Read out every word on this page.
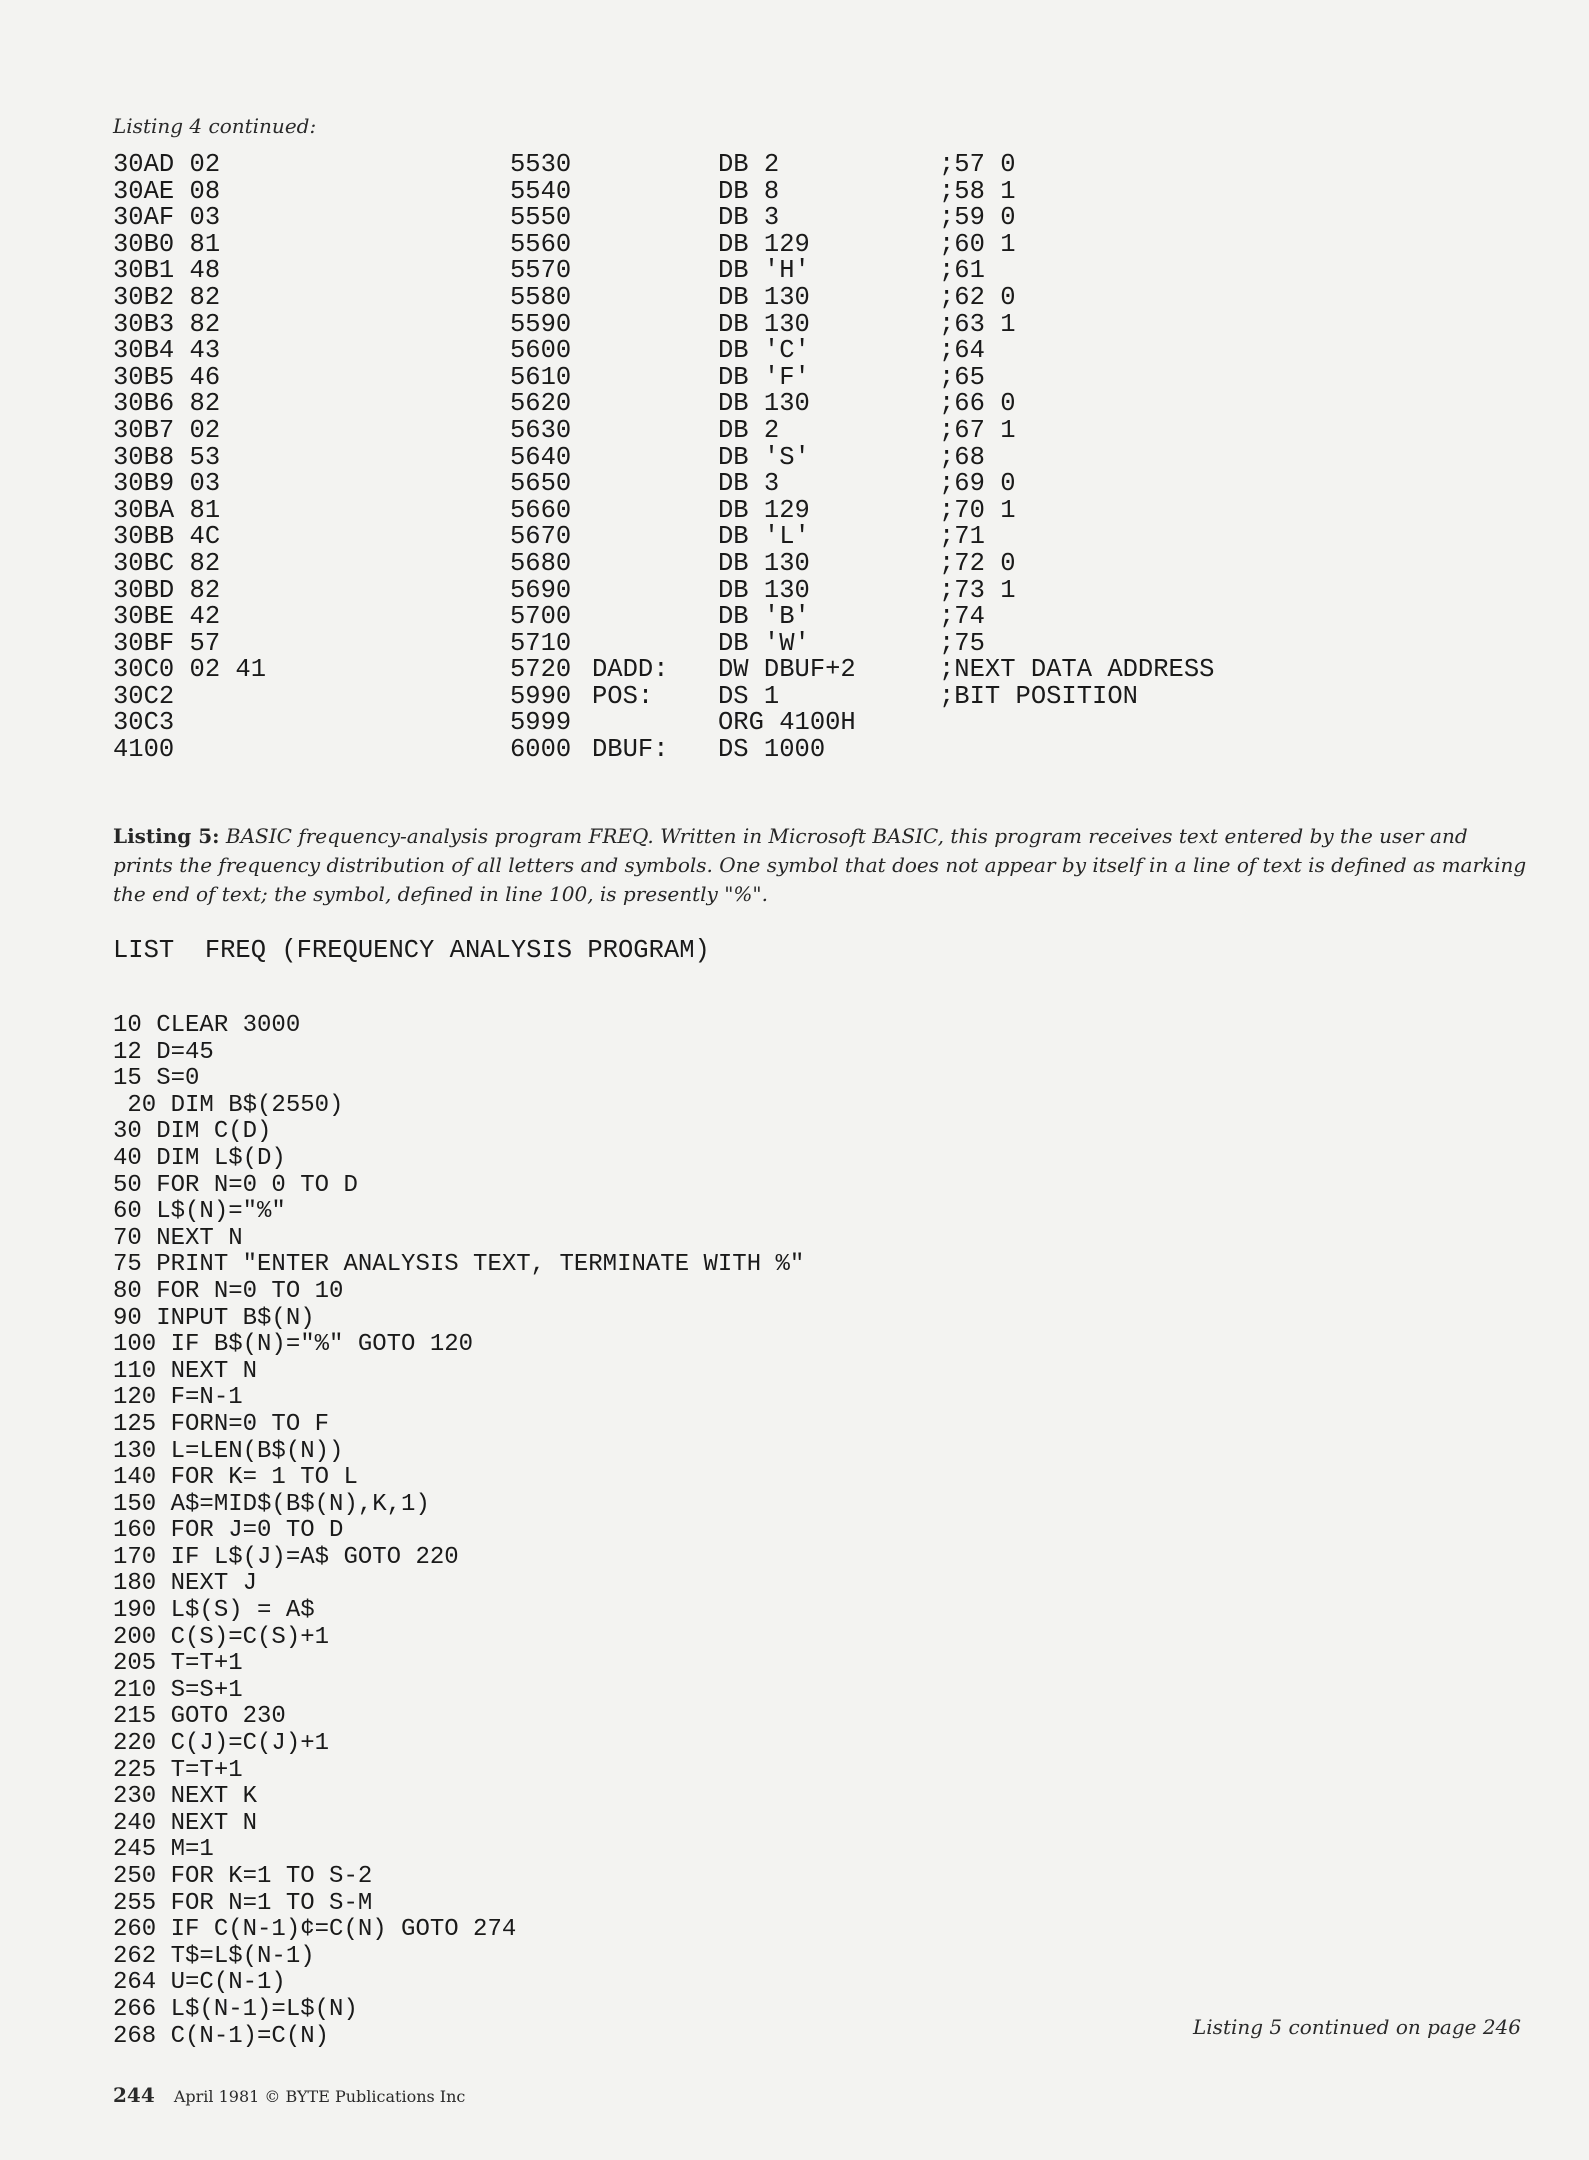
Listing 4 continued:
30AD 02	5530	DB 2	;57 0
30AE 08	5540	DB 8	;58 1
30AF 03	5550	DB 3	;59 0
30B0 81	5560	DB 129	;60 1
30B1 48	5570	DB 'H'	;61
30B2 82	5580	DB 130	;62 0
30B3 82	5590	DB 130	;63 1
30B4 43	5600	DB 'C'	;64
30B5 46	5610	DB 'F'	;65
30B6 82	5620	DB 130	;66 0
30B7 02	5630	DB 2	;67 1
30B8 53	5640	DB 'S'	;68
30B9 03	5650	DB 3	;69 0
30BA 81	5660	DB 129	;70 1
30BB 4C	5670	DB 'L'	;71
30BC 82	5680	DB 130	;72 0
30BD 82	5690	DB 130	;73 1
30BE 42	5700	DB 'B'	;74
30BF 57	5710	DB 'W'	;75
30C0 02 41	5720 DADD: DW DBUF+2	;NEXT DATA ADDRESS
30C2	5990 POS:	DS 1	;BIT POSITION
30C3	5999	ORG 4100H
4100	6000 DBUF: DS 1000
Listing 5: BASIC frequency-analysis program FREQ. Written in Microsoft BASIC, this program receives text entered by the user and prints the frequency distribution of all letters and symbols. One symbol that does not appear by itself in a line of text is defined as marking the end of text; the symbol, defined in line 100, is presently "%".
LIST  FREQ (FREQUENCY ANALYSIS PROGRAM)
10 CLEAR 3000
12 D=45
15 S=0
20 DIM B$(2550)
30 DIM C(D)
40 DIM L$(D)
50 FOR N=0 0 TO D
60 L$(N)="%"
70 NEXT N
75 PRINT "ENTER ANALYSIS TEXT, TERMINATE WITH %"
80 FOR N=0 TO 10
90 INPUT B$(N)
100 IF B$(N)="%" GOTO 120
110 NEXT N
120 F=N-1
125 FORN=0 TO F
130 L=LEN(B$(N))
140 FOR K= 1 TO L
150 A$=MID$(B$(N),K,1)
160 FOR J=0 TO D
170 IF L$(J)=A$ GOTO 220
180 NEXT J
190 L$(S) = A$
200 C(S)=C(S)+1
205 T=T+1
210 S=S+1
215 GOTO 230
220 C(J)=C(J)+1
225 T=T+1
230 NEXT K
240 NEXT N
245 M=1
250 FOR K=1 TO S-2
255 FOR N=1 TO S-M
260 IF C(N-1)¢=C(N) GOTO 274
262 T$=L$(N-1)
264 U=C(N-1)
266 L$(N-1)=L$(N)
268 C(N-1)=C(N)	Listing 5 continued on page 246
244 April 1981 © BYTE Publications Inc
